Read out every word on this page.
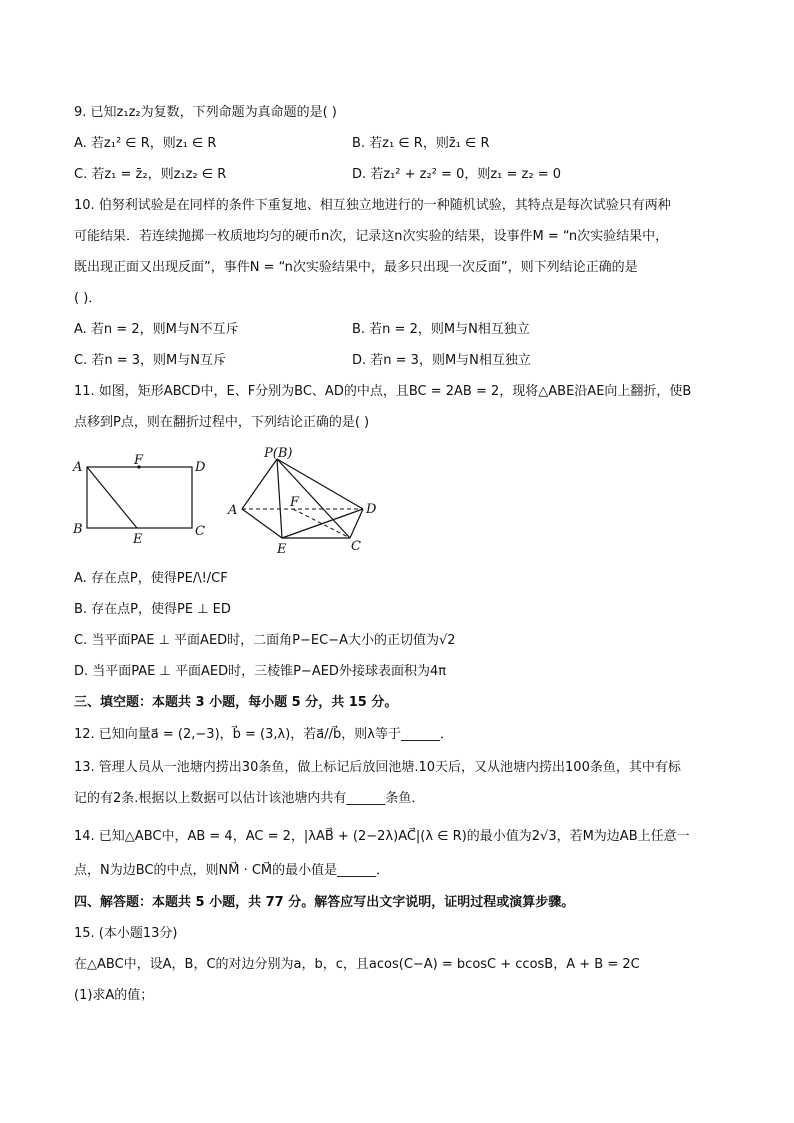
9. 已知z₁z₂为复数，下列命题为真命题的是( )
A. 若z₁² ∈ R，则z₁ ∈ R	B. 若z₁ ∈ R，则z̄₁ ∈ R
C. 若z₁ = z̄₂，则z₁z₂ ∈ R	D. 若z₁² + z₂² = 0，则z₁ = z₂ = 0
10. 伯努利试验是在同样的条件下重复地、相互独立地进行的一种随机试验，其特点是每次试验只有两种
可能结果．若连续抛掷一枚质地均匀的硬币n次，记录这n次实验的结果，设事件M = “n次实验结果中，
既出现正面又出现反面”，事件N = “n次实验结果中，最多只出现一次反面”，则下列结论正确的是
( )．
A. 若n = 2，则M与N不互斥	B. 若n = 2，则M与N相互独立
C. 若n = 3，则M与N互斥	D. 若n = 3，则M与N相互独立
11. 如图，矩形ABCD中，E、F分别为BC、AD的中点，且BC = 2AB = 2，现将△ABE沿AE向上翻折，使B
点移到P点，则在翻折过程中，下列结论正确的是( )
A	F	D
B
E
C
P(B)
A
F	D
E	C
A. 存在点P，使得PE/\!/CF
B. 存在点P，使得PE ⊥ ED
C. 当平面PAE ⊥ 平面AED时，二面角P−EC−A大小的正切值为√2
D. 当平面PAE ⊥ 平面AED时，三棱锥P−AED外接球表面积为4π
三、填空题：本题共 3 小题，每小题 5 分，共 15 分。
12. 已知向量a⃗ = (2,−3)，b⃗ = (3,λ)，若a⃗//b⃗，则λ等于______．
13. 管理人员从一池塘内捞出30条鱼，做上标记后放回池塘.10天后，又从池塘内捞出100条鱼，其中有标
记的有2条.根据以上数据可以估计该池塘内共有______条鱼．
14. 已知△ABC中，AB = 4，AC = 2，|λAB⃗ + (2−2λ)AC⃗|(λ ∈ R)的最小值为2√3，若M为边AB上任意一
点，N为边BC的中点，则NM⃗ · CM⃗的最小值是______．
四、解答题：本题共 5 小题，共 77 分。解答应写出文字说明，证明过程或演算步骤。
15. (本小题13分)
在△ABC中，设A，B，C的对边分别为a，b，c，且acos(C−A) = bcosC + ccosB，A + B = 2C
(1)求A的值；
